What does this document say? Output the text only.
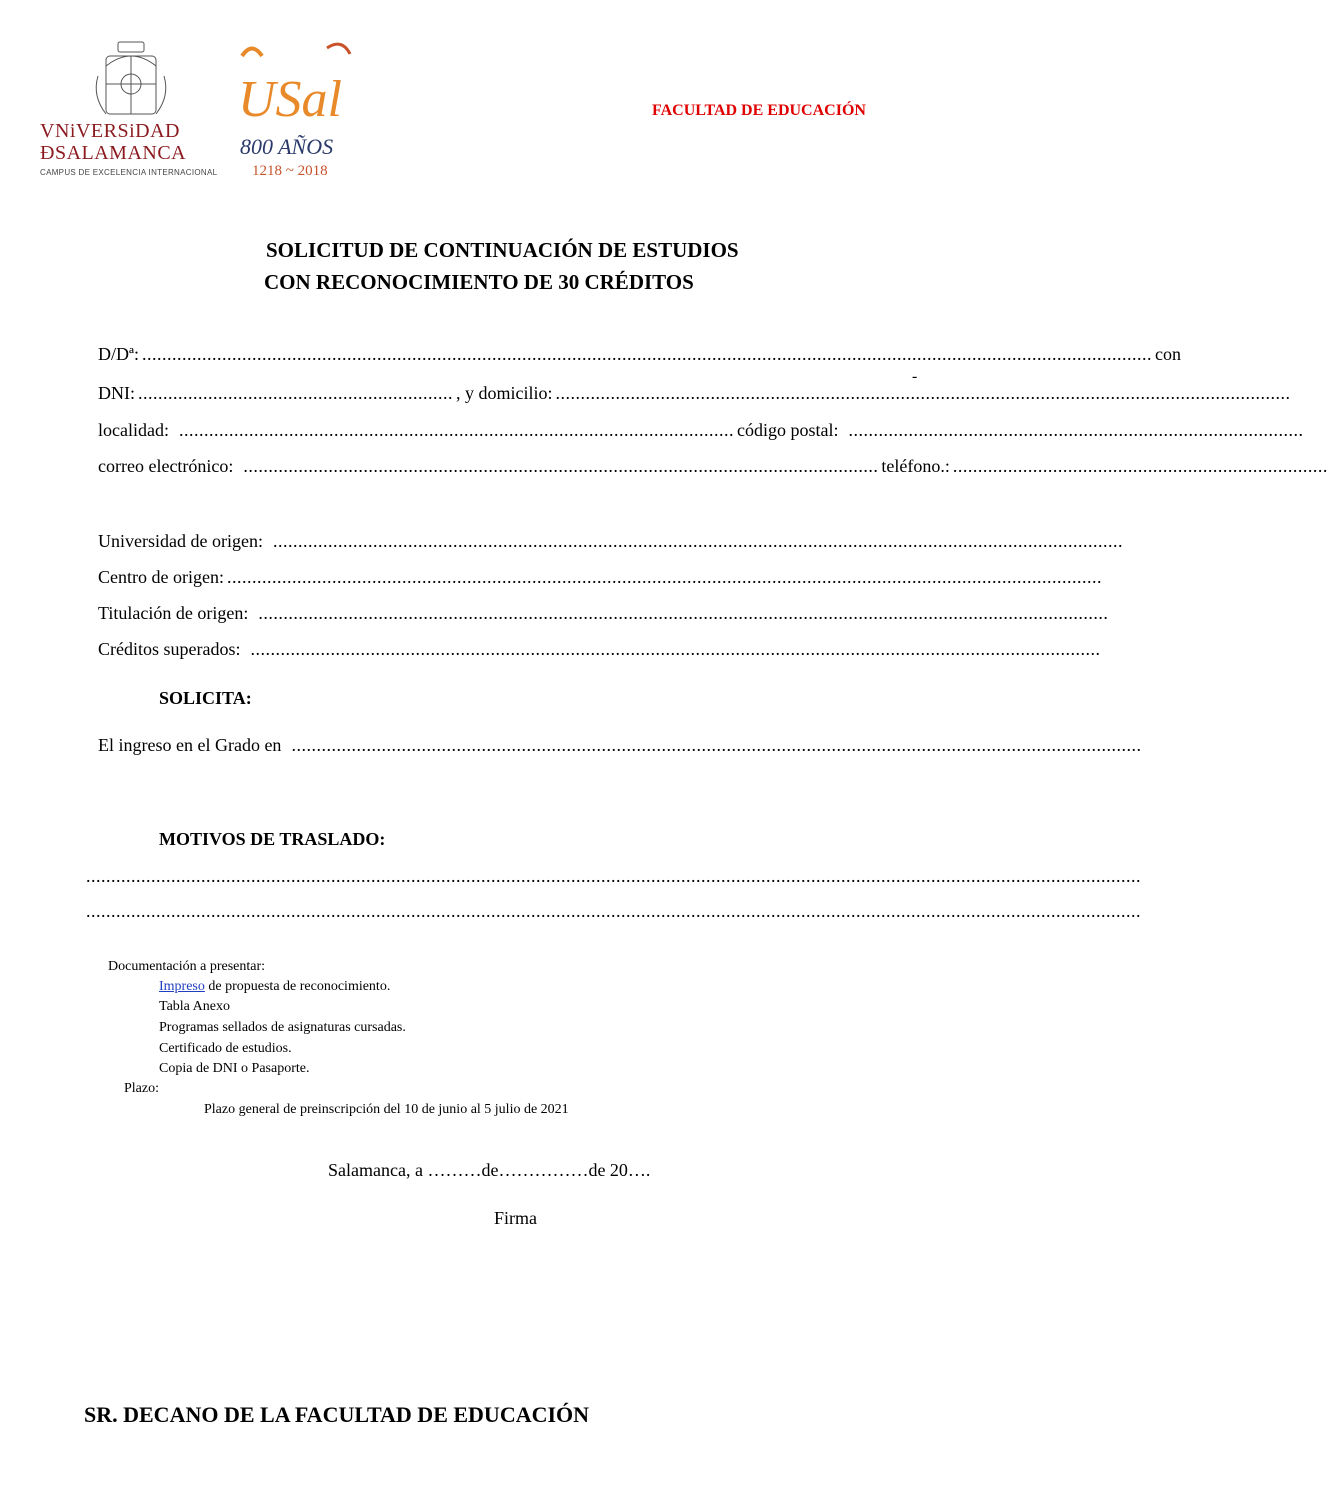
VNiVERSiDAD
ÐSALAMANCA
CAMPUS DE EXCELENCIA INTERNACIONAL
USal
800 AÑOS
1218 ~ 2018
FACULTAD DE EDUCACIÓN
SOLICITUD DE CONTINUACIÓN DE ESTUDIOS
CON RECONOCIMIENTO DE 30 CRÉDITOS
D/Dª: .......................................................................................................................................................................................................... con
-
DNI: ............................................................... , y domicilio: ...................................................................................................................................................
localidad: ............................................................................................................... código postal: ...........................................................................................
correo electrónico: ............................................................................................................................... teléfono.: ...........................................................................
Universidad de origen: ..........................................................................................................................................................................
Centro de origen: ...............................................................................................................................................................................
Titulación de origen: ..........................................................................................................................................................................
Créditos superados: ..........................................................................................................................................................................
SOLICITA:
El ingreso en el Grado en ..........................................................................................................................................................................
MOTIVOS DE TRASLADO:
...................................................................................................................................................................................................................
...................................................................................................................................................................................................................
Documentación a presentar:
Impreso de propuesta de reconocimiento.
Tabla Anexo
Programas sellados de asignaturas cursadas.
Certificado de estudios.
Copia de DNI o Pasaporte.
Plazo:
Plazo general de preinscripción del 10 de junio al 5 julio de 2021
Salamanca, a ………de……………de 20….
Firma
SR. DECANO DE LA FACULTAD DE EDUCACIÓN
